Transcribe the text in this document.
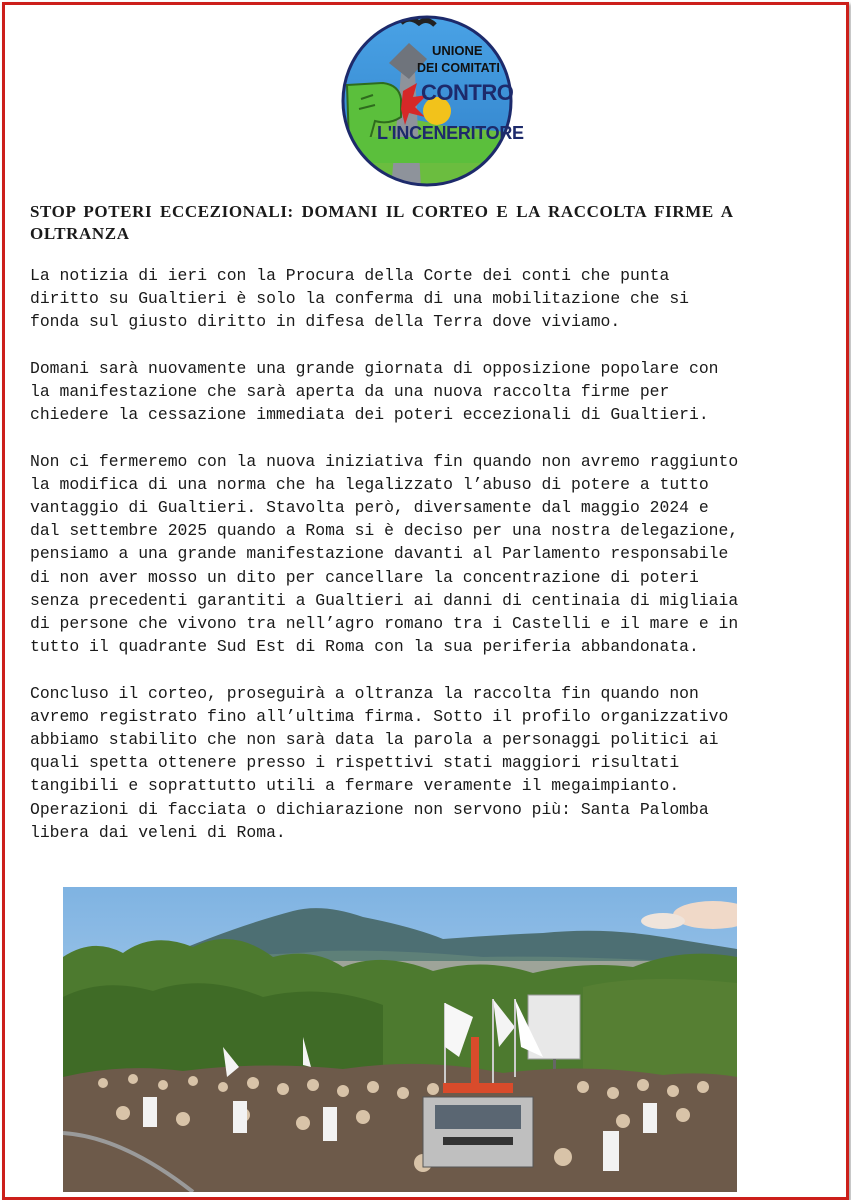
UNIONE
DEI COMITATI
CONTRO
L'INCENERITORE
STOP POTERI ECCEZIONALI: DOMANI IL CORTEO E LA RACCOLTA FIRME A OLTRANZA

La notizia di ieri con la Procura della Corte dei conti che punta
diritto su Gualtieri è solo la conferma di una mobilitazione che si
fonda sul giusto diritto in difesa della Terra dove viviamo.

Domani sarà nuovamente una grande giornata di opposizione popolare con
la manifestazione che sarà aperta da una nuova raccolta firme per
chiedere la cessazione immediata dei poteri eccezionali di Gualtieri.

Non ci fermeremo con la nuova iniziativa fin quando non avremo raggiunto
la modifica di una norma che ha legalizzato l’abuso di potere a tutto
vantaggio di Gualtieri. Stavolta però, diversamente dal maggio 2024 e
dal settembre 2025 quando a Roma si è deciso per una nostra delegazione,
pensiamo a una grande manifestazione davanti al Parlamento responsabile
di non aver mosso un dito per cancellare la concentrazione di poteri
senza precedenti garantiti a Gualtieri ai danni di centinaia di migliaia
di persone che vivono tra nell’agro romano tra i Castelli e il mare e in
tutto il quadrante Sud Est di Roma con la sua periferia abbandonata.

Concluso il corteo, proseguirà a oltranza la raccolta fin quando non
avremo registrato fino all’ultima firma. Sotto il profilo organizzativo
abbiamo stabilito che non sarà data la parola a personaggi politici ai
quali spetta ottenere presso i rispettivi stati maggiori risultati
tangibili e soprattutto utili a fermare veramente il megaimpianto.
Operazioni di facciata o dichiarazione non servono più: Santa Palomba
libera dai veleni di Roma.
